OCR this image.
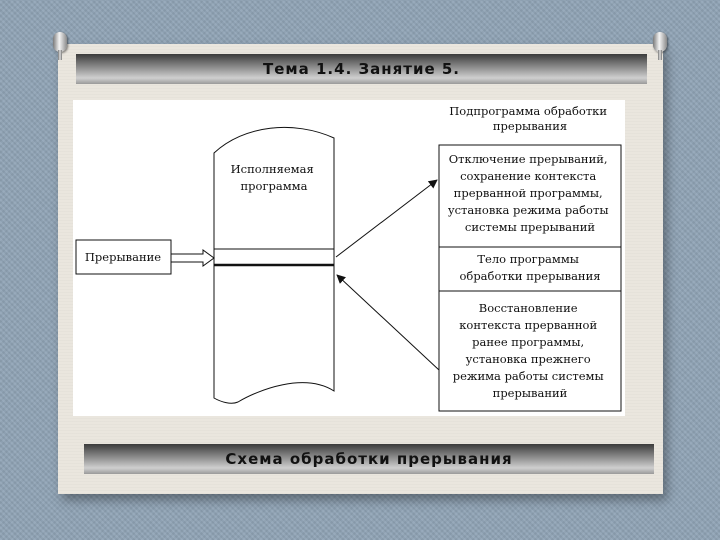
Тема 1.4. Занятие 5.
Исполняемая программа
Прерывание
Подпрограмма обработки прерывания
Отключение прерываний, сохранение контекста прерванной программы, установка режима работы системы прерываний
Тело программы обработки прерывания
Восстановление контекста прерванной ранее программы, установка прежнего режима работы системы прерываний
Схема обработки прерывания
